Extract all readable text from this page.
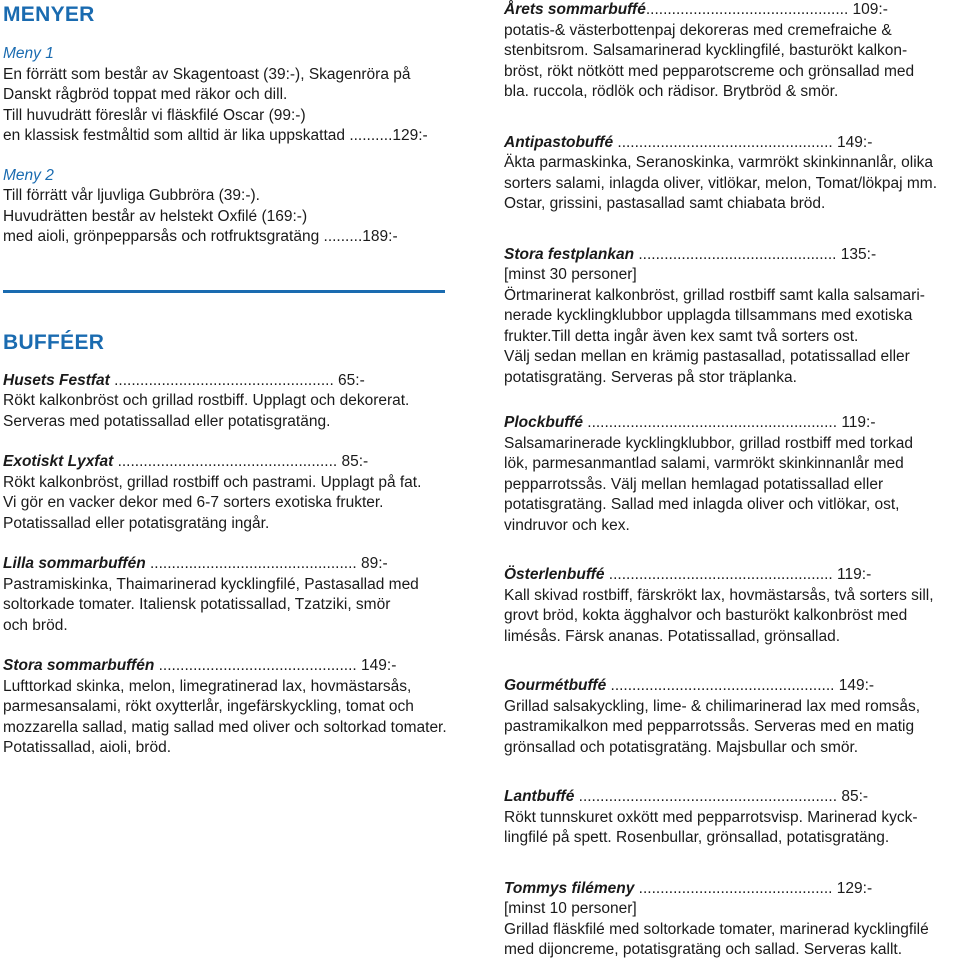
MENYER
Meny 1
En förrätt som består av Skagentoast (39:-), Skagenröra på
Danskt rågbröd toppat med räkor och dill.
Till huvudrätt föreslår vi fläskfilé Oscar (99:-)
en klassisk festmåltid som alltid är lika uppskattad ..........129:-
Meny 2
Till förrätt vår ljuvliga Gubbröra (39:-).
Huvudrätten består av helstekt Oxfilé (169:-)
med aioli, grönpepparsås och rotfruktsgratäng .........189:-
BUFFÉER
Husets Festfat ................................................... 65:-
Rökt kalkonbröst och grillad rostbiff. Upplagt och dekorerat.
Serveras med potatissallad eller potatisgratäng.
Exotiskt Lyxfat ................................................... 85:-
Rökt kalkonbröst, grillad rostbiff och pastrami. Upplagt på fat.
Vi gör en vacker dekor med 6-7 sorters exotiska frukter.
Potatissallad eller potatisgratäng ingår.
Lilla sommarbuffén ................................................ 89:-
Pastramiskinka, Thaimarinerad kycklingfilé, Pastasallad med
soltorkade tomater. Italiensk potatissallad, Tzatziki, smör
och bröd.
Stora sommarbuffén .............................................. 149:-
Lufttorkad skinka, melon, limegratinerad lax, hovmästarsås,
parmesansalami, rökt oxytterlår, ingefärskyckling, tomat och
mozzarella sallad, matig sallad med oliver och soltorkad tomater.
Potatissallad, aioli, bröd.
Årets sommarbuffé............................................... 109:-
potatis-& västerbottenpaj dekoreras med cremefraiche &
stenbitsrom. Salsamarinerad kycklingfilé, basturökt kalkon-
bröst, rökt nötkött med pepparotscreme och grönsallad med
bla. ruccola, rödlök och rädisor. Brytbröd & smör.
Antipastobuffé .................................................. 149:-
Äkta parmaskinka, Seranoskinka, varmrökt skinkinnanlår, olika
sorters salami, inlagda oliver, vitlökar, melon, Tomat/lökpaj mm.
Ostar, grissini, pastasallad samt chiabata bröd.
Stora festplankan .............................................. 135:-
[minst 30 personer]
Örtmarinerat kalkonbröst, grillad rostbiff samt kalla salsamari-
nerade kycklingklubbor upplagda tillsammans med exotiska
frukter.Till detta ingår även kex samt två sorters ost.
Välj sedan mellan en krämig pastasallad, potatissallad eller
potatisgratäng. Serveras på stor träplanka.
Plockbuffé .......................................................... 119:-
Salsamarinerade kycklingklubbor, grillad rostbiff med torkad
lök, parmesanmantlad salami, varmrökt skinkinnanlår med
pepparrotssås. Välj mellan hemlagad potatissallad eller
potatisgratäng. Sallad med inlagda oliver och vitlökar, ost,
vindruvor och kex.
Österlenbuffé .................................................... 119:-
Kall skivad rostbiff, färskrökt lax, hovmästarsås, två sorters sill,
grovt bröd, kokta ägghalvor och basturökt kalkonbröst med
limésås. Färsk ananas. Potatissallad, grönsallad.
Gourmétbuffé .................................................... 149:-
Grillad salsakyckling, lime- & chilimarinerad lax med romsås,
pastramikalkon med pepparrotssås. Serveras med en matig
grönsallad och potatisgratäng. Majsbullar och smör.
Lantbuffé ............................................................ 85:-
Rökt tunnskuret oxkött med pepparrotsvisp. Marinerad kyck-
lingfilé på spett. Rosenbullar, grönsallad, potatisgratäng.
Tommys filémeny ............................................. 129:-
[minst 10 personer]
Grillad fläskfilé med soltorkade tomater, marinerad kycklingfilé
med dijoncreme, potatisgratäng och sallad. Serveras kallt.
